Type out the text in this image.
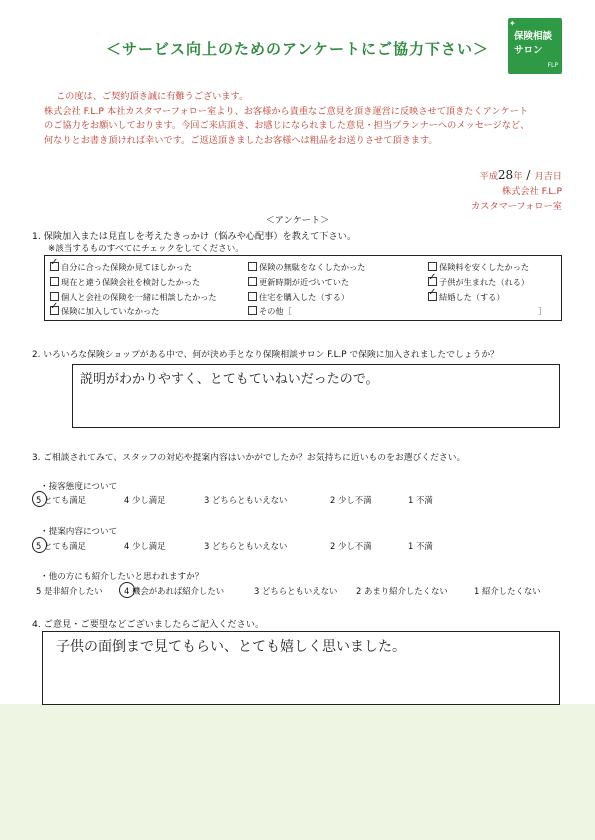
＜サービス向上のためのアンケートにご協力下さい＞
✦
保険相談
サロン
FLP
この度は、ご契約頂き誠に有難うございます。
株式会社 F.L.P 本社カスタマーフォロー室より、お客様から貴重なご意見を頂き運営に反映させて頂きたくアンケート
のご協力をお願いしております。今回ご来店頂き、お感じになられました意見・担当プランナーへのメッセージなど、
何なりとお書き頂ければ幸いです。ご返送頂きましたお客様へは粗品をお送りさせて頂きます。
平成28年 / 月吉日
株式会社 F.L.P
カスタマーフォロー室
＜アンケート＞
1. 保険加入または見直しを考えたきっかけ（悩みや心配事）を教えて下さい。
※該当するものすべてにチェックをしてください。
✓自分に合った保険か見てほしかった	保険の無駄をなくしたかった	保険料を安くしたかった
現在と違う保険会社を検討したかった	更新時期が近づいていた ✓	子供が生まれた（れる）
個人と会社の保険を一緒に相談したかった	住宅を購入した（する） ✓	結婚した（する）
✓保険に加入していなかった	その他［	］
2. いろいろな保険ショップがある中で、何が決め手となり保険相談サロン F.L.P で保険に加入されましたでしょうか？
説明がわかりやすく、とてもていねいだったので。
3. ご相談されてみて、スタッフの対応や提案内容はいかがでしたか？お気持ちに近いものをお選びください。
・接客態度について
5 とても満足	4 少し満足	3 どちらともいえない	2 少し不満	1 不満
・提案内容について
5 とても満足	4 少し満足	3 どちらともいえない	2 少し不満	1 不満
・他の方にも紹介したいと思われますか？
5 是非紹介したい	4 機会があれば紹介したい	3 どちらともいえない 2 あまり紹介したくない	1 紹介したくない
4. ご意見・ご要望などございましたらご記入ください。
子供の面倒まで見てもらい、とても嬉しく思いました。
